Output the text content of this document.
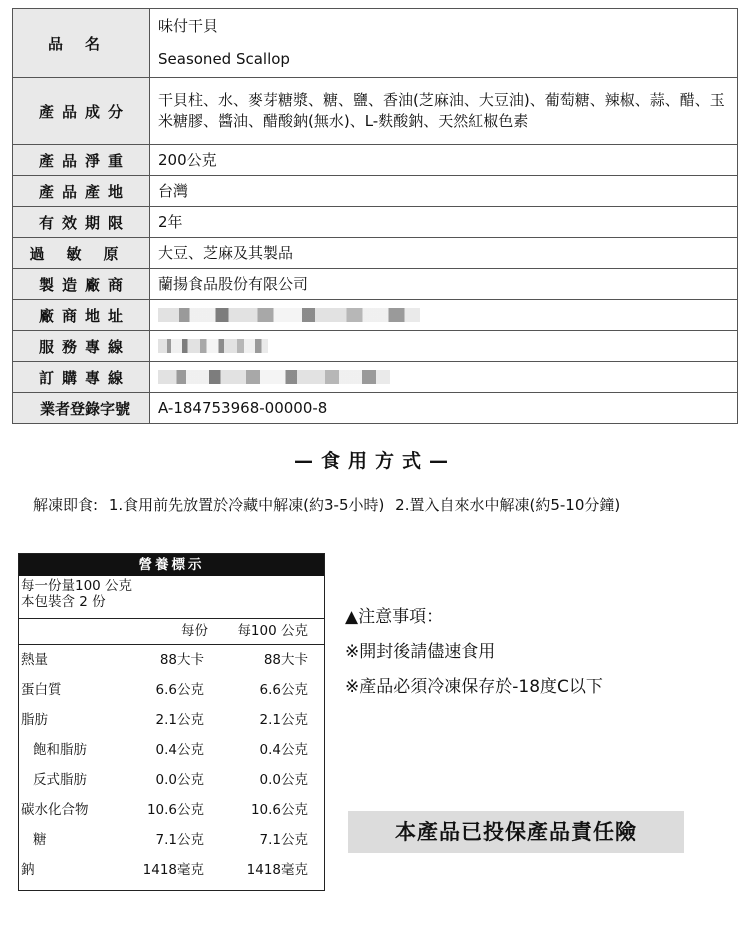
品名	味付干貝
Seasoned Scallop

產品成分	干貝柱、水、麥芽糖漿、糖、鹽、香油(芝麻油、大豆油)、葡萄糖、辣椒、蒜、醋、玉米糖膠、醬油、醋酸鈉(無水)、L-麩酸鈉、天然紅椒色素
產品淨重	200公克
產品產地	台灣
有效期限	2年
過敏原	大豆、芝麻及其製品
製造廠商	蘭揚食品股份有限公司
廠商地址	
服務專線	
訂購專線	
業者登錄字號	A-184753968-00000-8
—食用方式—
解凍即食: 1.食用前先放置於冷藏中解凍(約3-5小時) 2.置入自來水中解凍(約5-10分鐘)
營養標示
每一份量100 公克
本包裝含 2 份
每份 每100 公克
熱量	88大卡	88大卡
蛋白質	6.6公克	6.6公克
脂肪	2.1公克	2.1公克
飽和脂肪	0.4公克	0.4公克
反式脂肪	0.0公克	0.0公克
碳水化合物	10.6公克	10.6公克
糖	7.1公克	7.1公克
鈉	1418毫克	1418毫克
▲注意事項：
※開封後請儘速食用
※產品必須冷凍保存於-18度C以下
本產品已投保產品責任險
